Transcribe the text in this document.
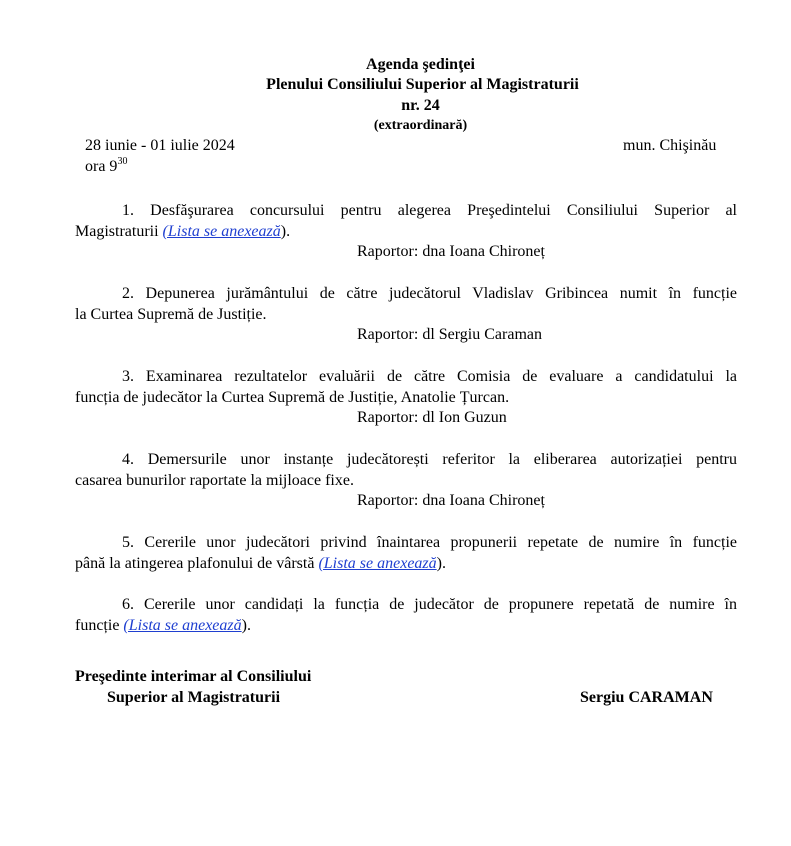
Agenda şedinţei
Plenului Consiliului Superior al Magistraturii
nr. 24
(extraordinară)
28 iunie - 01 iulie 2024	mun. Chişinău
ora $9^{30}$
1. Desfăşurarea concursului pentru alegerea Preşedintelui Consiliului Superior al
Magistraturii (Lista se anexează).
Raportor: dna Ioana Chironeț
2. Depunerea jurământului de către judecătorul Vladislav Gribincea numit în funcție
la Curtea Supremă de Justiție.
Raportor: dl Sergiu Caraman
3. Examinarea rezultatelor evaluării de către Comisia de evaluare a candidatului la
funcția de judecător la Curtea Supremă de Justiție, Anatolie Țurcan.
Raportor: dl Ion Guzun
4. Demersurile unor instanțe judecătorești referitor la eliberarea autorizației pentru
casarea bunurilor raportate la mijloace fixe.
Raportor: dna Ioana Chironeț
5. Cererile unor judecători privind înaintarea propunerii repetate de numire în funcție
până la atingerea plafonului de vârstă (Lista se anexează).
6. Cererile unor candidați la funcția de judecător de propunere repetată de numire în
funcție (Lista se anexează).
Preşedinte interimar al Consiliului
Superior al Magistraturii	Sergiu CARAMAN
